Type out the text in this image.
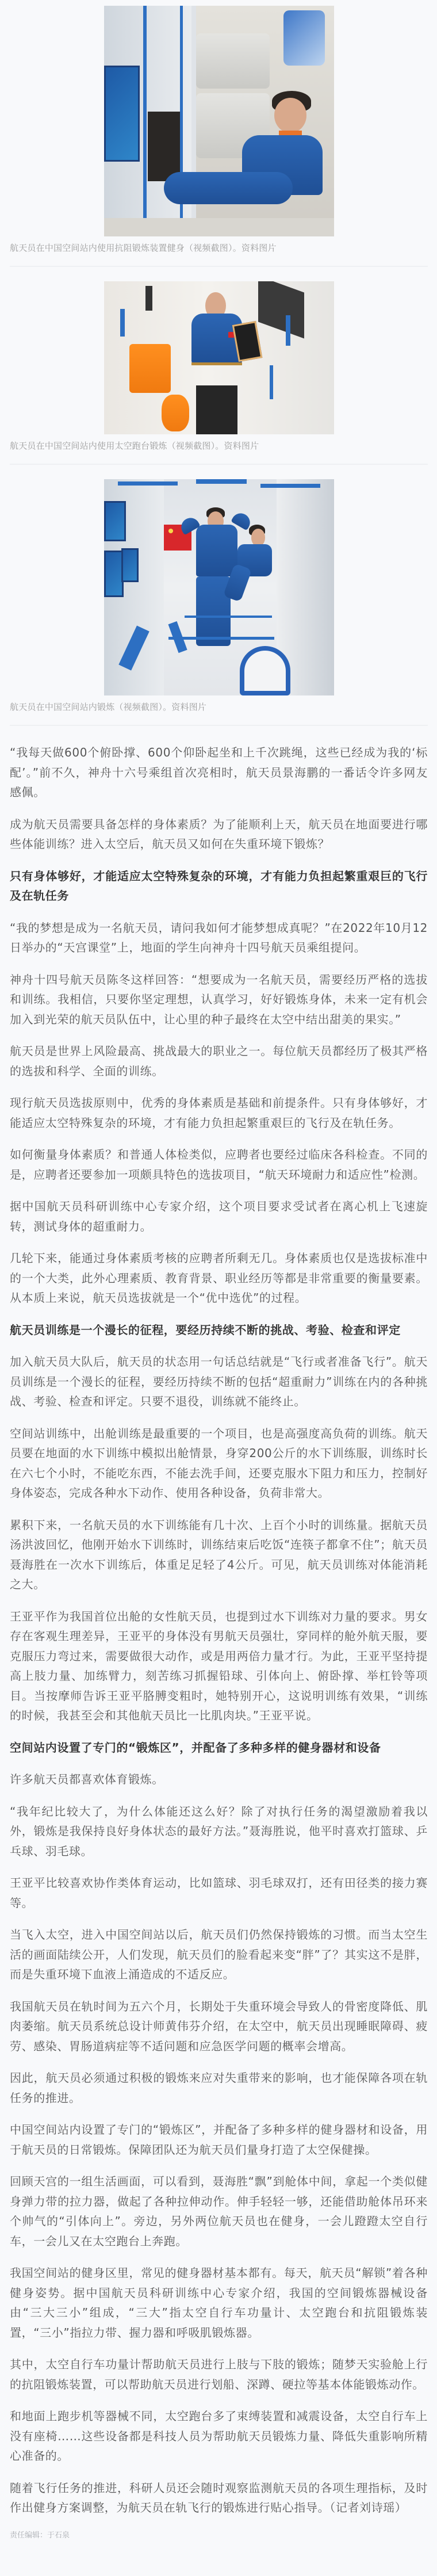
航天员在中国空间站内使用抗阻锻炼装置健身（视频截图）。资料图片
航天员在中国空间站内使用太空跑台锻炼（视频截图）。资料图片
航天员在中国空间站内锻炼（视频截图）。资料图片

“我每天做600个俯卧撑、600个仰卧起坐和上千次跳绳，这些已经成为我的‘标配’。”前不久，神舟十六号乘组首次亮相时，航天员景海鹏的一番话令许多网友感佩。

成为航天员需要具备怎样的身体素质？为了能顺利上天，航天员在地面要进行哪些体能训练？进入太空后，航天员又如何在失重环境下锻炼？

只有身体够好，才能适应太空特殊复杂的环境，才有能力负担起繁重艰巨的飞行及在轨任务

“我的梦想是成为一名航天员，请问我如何才能梦想成真呢？”在2022年10月12日举办的“天宫课堂”上，地面的学生向神舟十四号航天员乘组提问。

神舟十四号航天员陈冬这样回答：“想要成为一名航天员，需要经历严格的选拔和训练。我相信，只要你坚定理想，认真学习，好好锻炼身体，未来一定有机会加入到光荣的航天员队伍中，让心里的种子最终在太空中结出甜美的果实。”

航天员是世界上风险最高、挑战最大的职业之一。每位航天员都经历了极其严格的选拔和科学、全面的训练。

现行航天员选拔原则中，优秀的身体素质是基础和前提条件。只有身体够好，才能适应太空特殊复杂的环境，才有能力负担起繁重艰巨的飞行及在轨任务。

如何衡量身体素质？和普通人体检类似，应聘者也要经过临床各科检查。不同的是，应聘者还要参加一项颇具特色的选拔项目，“航天环境耐力和适应性”检测。

据中国航天员科研训练中心专家介绍，这个项目要求受试者在离心机上飞速旋转，测试身体的超重耐力。

几轮下来，能通过身体素质考核的应聘者所剩无几。身体素质也仅是选拔标准中的一个大类，此外心理素质、教育背景、职业经历等都是非常重要的衡量要素。从本质上来说，航天员选拔就是一个“优中选优”的过程。

航天员训练是一个漫长的征程，要经历持续不断的挑战、考验、检查和评定

加入航天员大队后，航天员的状态用一句话总结就是“飞行或者准备飞行”。航天员训练是一个漫长的征程，要经历持续不断的包括“超重耐力”训练在内的各种挑战、考验、检查和评定。只要不退役，训练就不能终止。

空间站训练中，出舱训练是最重要的一个项目，也是高强度高负荷的训练。航天员要在地面的水下训练中模拟出舱情景，身穿200公斤的水下训练服，训练时长在六七个小时，不能吃东西，不能去洗手间，还要克服水下阻力和压力，控制好身体姿态，完成各种水下动作、使用各种设备，负荷非常大。

累积下来，一名航天员的水下训练能有几十次、上百个小时的训练量。据航天员汤洪波回忆，他刚开始水下训练时，训练结束后吃饭“连筷子都拿不住”；航天员聂海胜在一次水下训练后，体重足足轻了4公斤。可见，航天员训练对体能消耗之大。

王亚平作为我国首位出舱的女性航天员，也提到过水下训练对力量的要求。男女存在客观生理差异，王亚平的身体没有男航天员强壮，穿同样的舱外航天服，要克服压力弯过来，需要做很大动作，或是用两倍力量才行。为此，王亚平坚持提高上肢力量、加练臂力，刻苦练习抓握铅球、引体向上、俯卧撑、举杠铃等项目。当按摩师告诉王亚平胳膊变粗时，她特别开心，这说明训练有效果，“训练的时候，我甚至会和其他航天员比一比肌肉块。”王亚平说。

空间站内设置了专门的“锻炼区”，并配备了多种多样的健身器材和设备

许多航天员都喜欢体育锻炼。

“我年纪比较大了，为什么体能还这么好？除了对执行任务的渴望激励着我以外，锻炼是我保持良好身体状态的最好方法。”聂海胜说，他平时喜欢打篮球、乒乓球、羽毛球。

王亚平比较喜欢协作类体育运动，比如篮球、羽毛球双打，还有田径类的接力赛等。

当飞入太空，进入中国空间站以后，航天员们仍然保持锻炼的习惯。而当太空生活的画面陆续公开，人们发现，航天员们的脸看起来变“胖”了？其实这不是胖，而是失重环境下血液上涌造成的不适反应。

我国航天员在轨时间为五六个月，长期处于失重环境会导致人的骨密度降低、肌肉萎缩。航天员系统总设计师黄伟芬介绍，在太空中，航天员出现睡眠障碍、疲劳、感染、胃肠道病症等不适问题和应急医学问题的概率会增高。

因此，航天员必须通过积极的锻炼来应对失重带来的影响，也才能保障各项在轨任务的推进。

中国空间站内设置了专门的“锻炼区”，并配备了多种多样的健身器材和设备，用于航天员的日常锻炼。保障团队还为航天员们量身打造了太空保健操。

回顾天宫的一组生活画面，可以看到，聂海胜“飘”到舱体中间，拿起一个类似健身弹力带的拉力器，做起了各种拉伸动作。伸手轻轻一够，还能借助舱体吊环来个帅气的“引体向上”。旁边，另外两位航天员也在健身，一会儿蹬蹬太空自行车，一会儿又在太空跑台上奔跑。

我国空间站的健身区里，常见的健身器材基本都有。每天，航天员“解锁”着各种健身姿势。据中国航天员科研训练中心专家介绍，我国的空间锻炼器械设备由“三大三小”组成，“三大”指太空自行车功量计、太空跑台和抗阻锻炼装置，“三小”指拉力带、握力器和呼吸肌锻炼器。

其中，太空自行车功量计帮助航天员进行上肢与下肢的锻炼；随梦天实验舱上行的抗阻锻炼装置，可以帮助航天员进行划船、深蹲、硬拉等基本体能锻炼动作。

和地面上跑步机等器械不同，太空跑台多了束缚装置和减震设备，太空自行车上没有座椅……这些设备都是科技人员为帮助航天员锻炼力量、降低失重影响所精心准备的。

随着飞行任务的推进，科研人员还会随时观察监测航天员的各项生理指标，及时作出健身方案调整，为航天员在轨飞行的锻炼进行贴心指导。（记者刘诗瑶）

责任编辑：于石泉
